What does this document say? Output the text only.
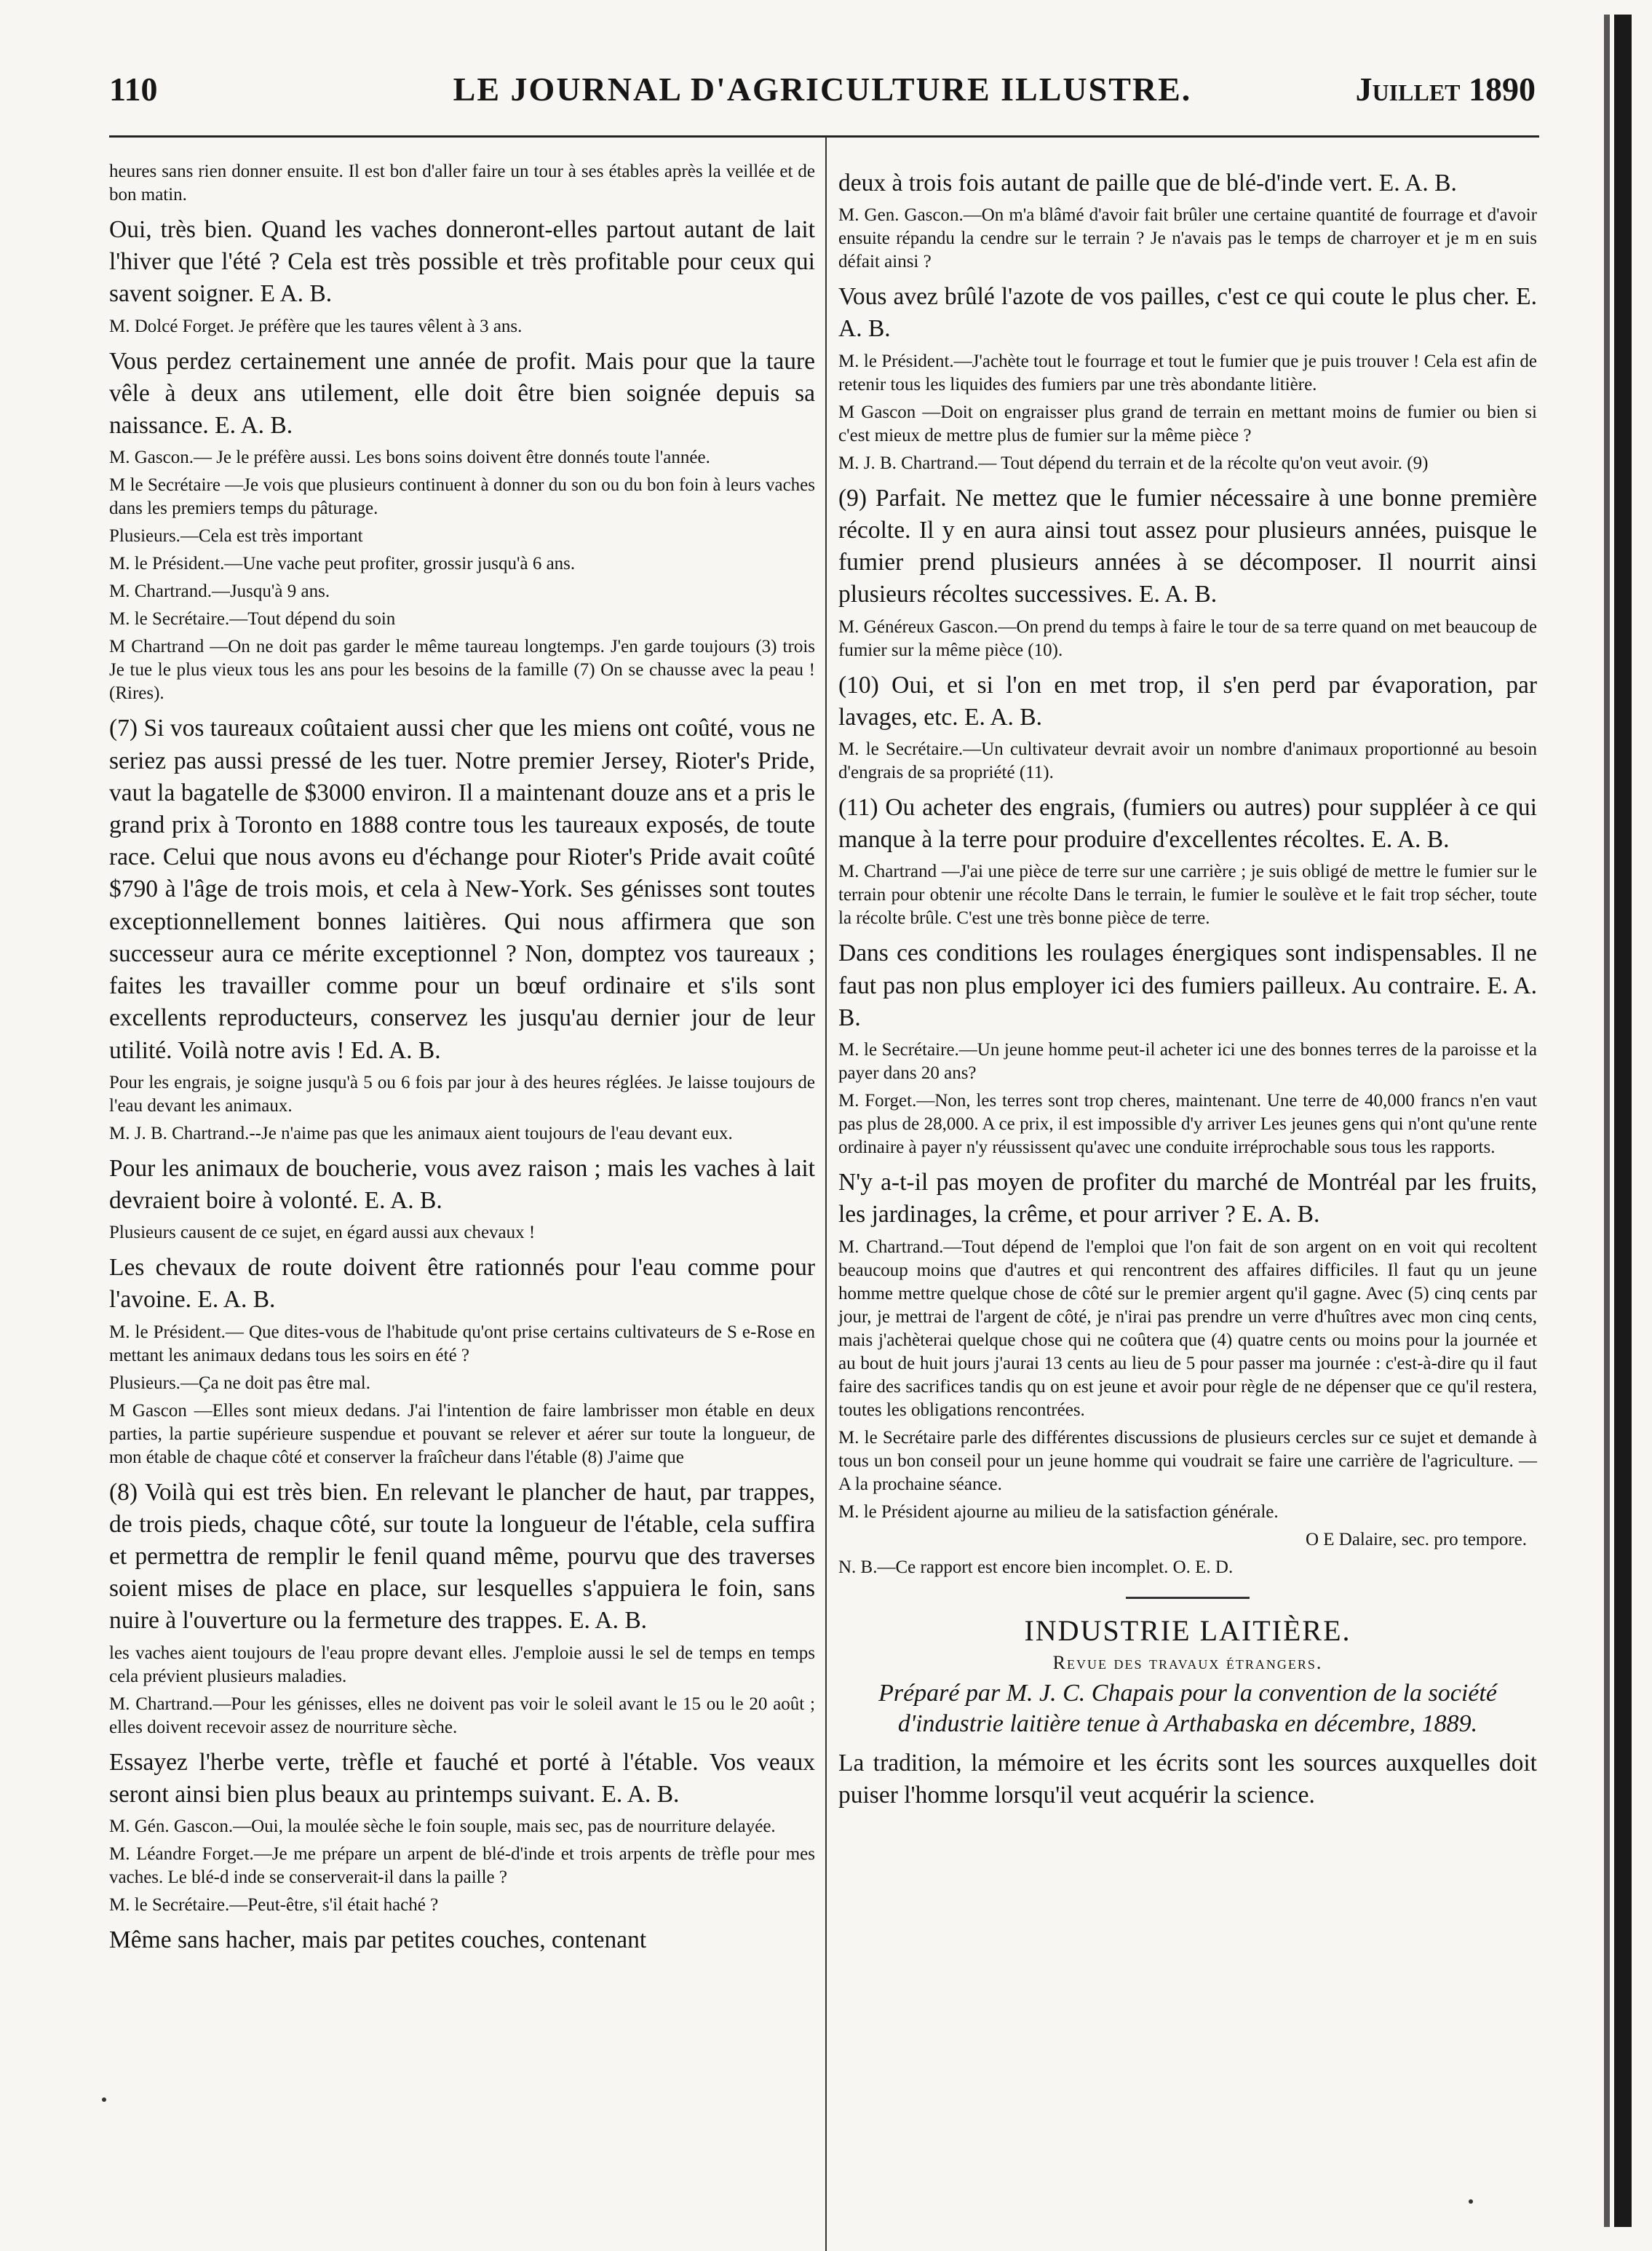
110	LE JOURNAL D'AGRICULTURE ILLUSTRE.	Juillet 1890

heures sans rien donner ensuite. Il est bon d'aller faire un tour à ses étables après la veillée et de bon matin.

Oui, très bien. Quand les vaches donneront-elles partout autant de lait l'hiver que l'été ? Cela est très possible et très profitable pour ceux qui savent soigner. E A. B.

M. Dolcé Forget. Je préfère que les taures vêlent à 3 ans.

Vous perdez certainement une année de profit. Mais pour que la taure vêle à deux ans utilement, elle doit être bien soignée depuis sa naissance. E. A. B.

M. Gascon.— Je le préfère aussi. Les bons soins doivent être donnés toute l'année.

M le Secrétaire —Je vois que plusieurs continuent à donner du son ou du bon foin à leurs vaches dans les premiers temps du pâturage.

Plusieurs.—Cela est très important

M. le Président.—Une vache peut profiter, grossir jusqu'à 6 ans.

M. Chartrand.—Jusqu'à 9 ans.

M. le Secrétaire.—Tout dépend du soin

M Chartrand —On ne doit pas garder le même taureau longtemps. J'en garde toujours (3) trois Je tue le plus vieux tous les ans pour les besoins de la famille (7) On se chausse avec la peau ! (Rires).

(7) Si vos taureaux coûtaient aussi cher que les miens ont coûté, vous ne seriez pas aussi pressé de les tuer. Notre premier Jersey, Rioter's Pride, vaut la bagatelle de $3000 environ. Il a maintenant douze ans et a pris le grand prix à Toronto en 1888 contre tous les taureaux exposés, de toute race. Celui que nous avons eu d'échange pour Rioter's Pride avait coûté $790 à l'âge de trois mois, et cela à New-York. Ses génisses sont toutes exceptionnellement bonnes laitières. Qui nous affirmera que son successeur aura ce mérite exceptionnel ? Non, domptez vos taureaux ; faites les travailler comme pour un bœuf ordinaire et s'ils sont excellents reproducteurs, conservez les jusqu'au dernier jour de leur utilité. Voilà notre avis ! Ed. A. B.

Pour les engrais, je soigne jusqu'à 5 ou 6 fois par jour à des heures réglées. Je laisse toujours de l'eau devant les animaux.

M. J. B. Chartrand.--Je n'aime pas que les animaux aient toujours de l'eau devant eux.

Pour les animaux de boucherie, vous avez raison ; mais les vaches à lait devraient boire à volonté. E. A. B.

Plusieurs causent de ce sujet, en égard aussi aux chevaux !

Les chevaux de route doivent être rationnés pour l'eau comme pour l'avoine. E. A. B.

M. le Président.— Que dites-vous de l'habitude qu'ont prise certains cultivateurs de S e-Rose en mettant les animaux dedans tous les soirs en été ?

Plusieurs.—Ça ne doit pas être mal.

M Gascon —Elles sont mieux dedans. J'ai l'intention de faire lambrisser mon étable en deux parties, la partie supérieure suspendue et pouvant se relever et aérer sur toute la longueur, de mon étable de chaque côté et conserver la fraîcheur dans l'étable (8) J'aime que

(8) Voilà qui est très bien. En relevant le plancher de haut, par trappes, de trois pieds, chaque côté, sur toute la longueur de l'étable, cela suffira et permettra de remplir le fenil quand même, pourvu que des traverses soient mises de place en place, sur lesquelles s'appuiera le foin, sans nuire à l'ouverture ou la fermeture des trappes. E. A. B.

les vaches aient toujours de l'eau propre devant elles. J'emploie aussi le sel de temps en temps cela prévient plusieurs maladies.

M. Chartrand.—Pour les génisses, elles ne doivent pas voir le soleil avant le 15 ou le 20 août ; elles doivent recevoir assez de nourriture sèche.

Essayez l'herbe verte, trèfle et fauché et porté à l'étable. Vos veaux seront ainsi bien plus beaux au printemps suivant. E. A. B.

M. Gén. Gascon.—Oui, la moulée sèche le foin souple, mais sec, pas de nourriture delayée.

M. Léandre Forget.—Je me prépare un arpent de blé-d'inde et trois arpents de trèfle pour mes vaches. Le blé-d inde se conserverait-il dans la paille ?

M. le Secrétaire.—Peut-être, s'il était haché ?

Même sans hacher, mais par petites couches, contenant

deux à trois fois autant de paille que de blé-d'inde vert. E. A. B.

M. Gen. Gascon.—On m'a blâmé d'avoir fait brûler une certaine quantité de fourrage et d'avoir ensuite répandu la cendre sur le terrain ? Je n'avais pas le temps de charroyer et je m en suis défait ainsi ?

Vous avez brûlé l'azote de vos pailles, c'est ce qui coute le plus cher. E. A. B.

M. le Président.—J'achète tout le fourrage et tout le fumier que je puis trouver ! Cela est afin de retenir tous les liquides des fumiers par une très abondante litière.

M Gascon —Doit on engraisser plus grand de terrain en mettant moins de fumier ou bien si c'est mieux de mettre plus de fumier sur la même pièce ?

M. J. B. Chartrand.— Tout dépend du terrain et de la récolte qu'on veut avoir. (9)

(9) Parfait. Ne mettez que le fumier nécessaire à une bonne première récolte. Il y en aura ainsi tout assez pour plusieurs années, puisque le fumier prend plusieurs années à se décomposer. Il nourrit ainsi plusieurs récoltes successives. E. A. B.

M. Généreux Gascon.—On prend du temps à faire le tour de sa terre quand on met beaucoup de fumier sur la même pièce (10).

(10) Oui, et si l'on en met trop, il s'en perd par évaporation, par lavages, etc. E. A. B.

M. le Secrétaire.—Un cultivateur devrait avoir un nombre d'animaux proportionné au besoin d'engrais de sa propriété (11).

(11) Ou acheter des engrais, (fumiers ou autres) pour suppléer à ce qui manque à la terre pour produire d'excellentes récoltes. E. A. B.

M. Chartrand —J'ai une pièce de terre sur une carrière ; je suis obligé de mettre le fumier sur le terrain pour obtenir une récolte Dans le terrain, le fumier le soulève et le fait trop sécher, toute la récolte brûle. C'est une très bonne pièce de terre.

Dans ces conditions les roulages énergiques sont indispensables. Il ne faut pas non plus employer ici des fumiers pailleux. Au contraire. E. A. B.

M. le Secrétaire.—Un jeune homme peut-il acheter ici une des bonnes terres de la paroisse et la payer dans 20 ans?

M. Forget.—Non, les terres sont trop cheres, maintenant. Une terre de 40,000 francs n'en vaut pas plus de 28,000. A ce prix, il est impossible d'y arriver Les jeunes gens qui n'ont qu'une rente ordinaire à payer n'y réussissent qu'avec une conduite irréprochable sous tous les rapports.

N'y a-t-il pas moyen de profiter du marché de Montréal par les fruits, les jardinages, la crême, et pour arriver ? E. A. B.

M. Chartrand.—Tout dépend de l'emploi que l'on fait de son argent on en voit qui recoltent beaucoup moins que d'autres et qui rencontrent des affaires difficiles. Il faut qu un jeune homme mettre quelque chose de côté sur le premier argent qu'il gagne. Avec (5) cinq cents par jour, je mettrai de l'argent de côté, je n'irai pas prendre un verre d'huîtres avec mon cinq cents, mais j'achèterai quelque chose qui ne coûtera que (4) quatre cents ou moins pour la journée et au bout de huit jours j'aurai 13 cents au lieu de 5 pour passer ma journée : c'est-à-dire qu il faut faire des sacrifices tandis qu on est jeune et avoir pour règle de ne dépenser que ce qu'il restera, toutes les obligations rencontrées.

M. le Secrétaire parle des différentes discussions de plusieurs cercles sur ce sujet et demande à tous un bon conseil pour un jeune homme qui voudrait se faire une carrière de l'agriculture. — A la prochaine séance.

M. le Président ajourne au milieu de la satisfaction générale.

O E Dalaire, sec. pro tempore.

N. B.—Ce rapport est encore bien incomplet. O. E. D.

INDUSTRIE LAITIÈRE.
Revue des travaux étrangers.
Préparé par M. J. C. Chapais pour la convention de la société d'industrie laitière tenue à Arthabaska en décembre, 1889.

La tradition, la mémoire et les écrits sont les sources auxquelles doit puiser l'homme lorsqu'il veut acquérir la science.
